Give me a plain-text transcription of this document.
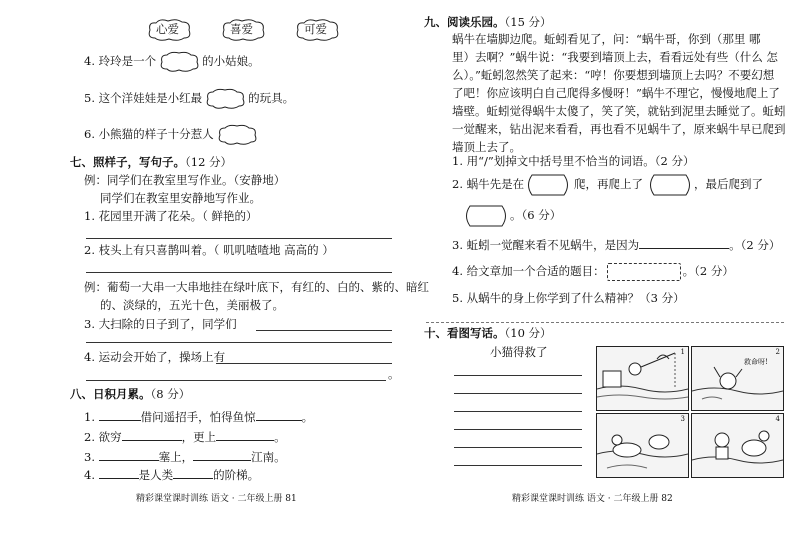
心爱	喜爱	可爱
4. 玲玲是一个	的小姑娘。
5. 这个洋娃娃是小红最	的玩具。
6. 小熊猫的样子十分惹人
七、照样子，写句子。（12 分）
例：同学们在教室里写作业。（安静地）
同学们在教室里安静地写作业。
1. 花园里开满了花朵。（ 鲜艳的）
2. 枝头上有只喜鹊叫着。（ 叽叽喳喳地 高高的 ）
例：葡萄一大串一大串地挂在绿叶底下，有红的、白的、紫的、暗红
的、淡绿的，五光十色，美丽极了。
3. 大扫除的日子到了，同学们
4. 运动会开始了，操场上有
。
八、日积月累。（8 分）
1.	借问遥招手，怕得鱼惊	。
2. 欲穷	，更上	。
3.	塞上，	江南。
4.	是人类	的阶梯。
精彩课堂课时训练 语文 · 二年级上册 81
九、阅读乐园。（15 分）
蜗牛在墙脚边爬。蚯蚓看见了，问：“蜗牛哥，你到（那里 哪
里）去啊？”蜗牛说：“我要到墙顶上去，看看远处有些（什么 怎
么）。”蚯蚓忽然笑了起来：“哼！你要想到墙顶上去吗？不要幻想
了吧！你应该明白自己爬得多慢呀！”蜗牛不理它，慢慢地爬上了
墙壁。蚯蚓觉得蜗牛太傻了，笑了笑，就钻到泥里去睡觉了。蚯蚓
一觉醒来，钻出泥来看看，再也看不见蜗牛了，原来蜗牛早已爬到
墙顶上去了。
1. 用“/”划掉文中括号里不恰当的词语。（2 分）
2. 蜗牛先是在	爬，再爬上了	，最后爬到了
。（6 分）
3. 蚯蚓一觉醒来看不见蜗牛，是因为	。（2 分）
4. 给文章加一个合适的题目：	。（2 分）
5. 从蜗牛的身上你学到了什么精神？（3 分）
十、看图写话。（10 分）
小猫得救了	1	2
救命呀!
3	4
精彩课堂课时训练 语文 · 二年级上册 82
